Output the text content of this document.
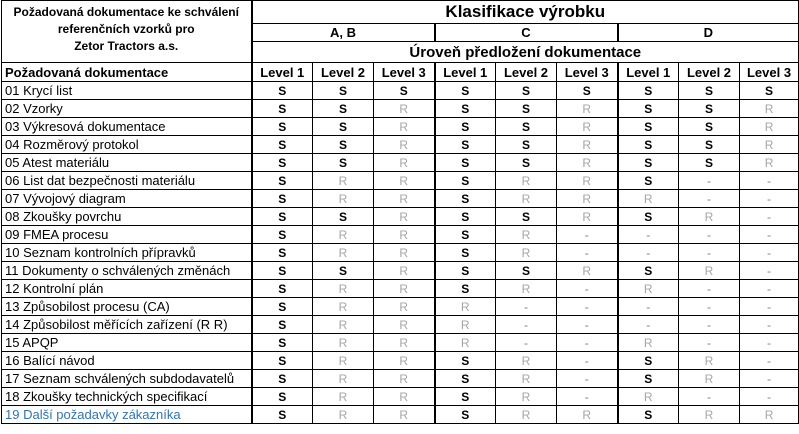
Požadovaná dokumentace ke schválení
referenčních vzorků pro
Zetor Tractors a.s.	Klasifikace výrobku								
	A, B			C			D		
	Úroveň předložení dokumentace								
Požadovaná dokumentace	Level 1	Level 2	Level 3	Level 1	Level 2	Level 3	Level 1	Level 2	Level 3
01 Krycí list	S	S	S	S	S	S	S	S	S
02 Vzorky	S	S	R	S	S	R	S	S	R
03 Výkresová dokumentace	S	S	R	S	S	R	S	S	R
04 Rozměrový protokol	S	S	R	S	S	R	S	S	R
05 Atest materiálu	S	S	R	S	S	R	S	S	R
06 List dat bezpečnosti materiálu	S	R	R	S	R	R	S	-	-
07 Vývojový diagram	S	R	R	S	R	R	R	-	-
08 Zkoušky povrchu	S	S	R	S	S	R	S	R	-
09 FMEA procesu	S	R	R	S	R	-	-	-	-
10 Seznam kontrolních přípravků	S	R	R	S	R	-	-	-	-
11 Dokumenty o schválených změnách	S	S	R	S	S	R	S	R	-
12 Kontrolní plán	S	R	R	S	R	-	R	-	-
13 Způsobilost procesu (CA)	S	R	R	R	-	-	-	-	-
14 Způsobilost měřících zařízení (R R)	S	R	R	R	-	-	-	-	-
15 APQP	S	R	R	R	-	-	R	-	-
16 Balící návod	S	R	R	S	R	-	S	R	-
17 Seznam schválených subdodavatelů	S	R	R	S	R	-	S	R	-
18 Zkoušky technických specifikací	S	R	R	S	R	-	R	-	-
19 Další požadavky zákazníka	S	R	R	S	R	R	S	R	R
